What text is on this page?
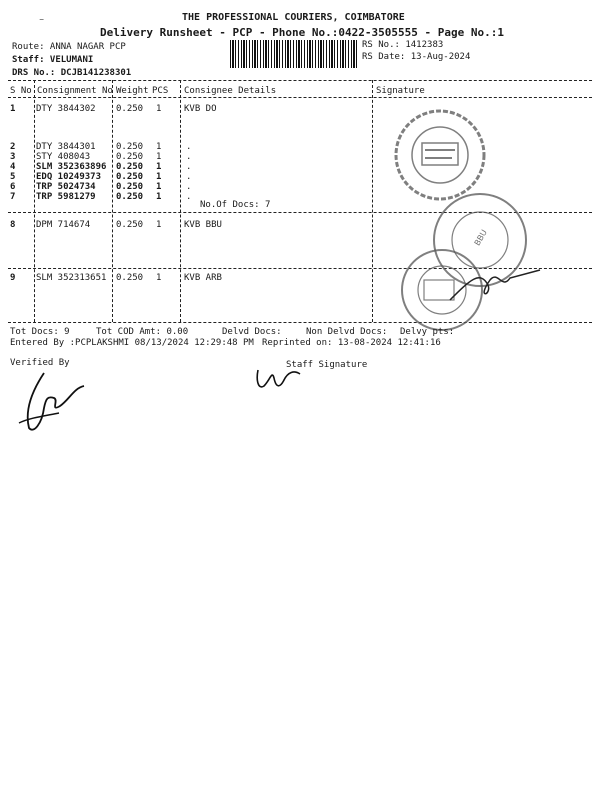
THE PROFESSIONAL COURIERS, COIMBATORE
Delivery Runsheet - PCP - Phone No.:0422-3505555 - Page No.:1
⁻
Route: ANNA NAGAR PCP
Staff: VELUMANI
DRS No.: DCJB141238301
RS No.: 1412383
RS Date: 13-Aug-2024
S No Consignment No Weight PCS Consignee Details	Signature
1 DTY 3844302 0.250 1	KVB DO
2 DTY 3844301 0.250 1	.
3 STY 408043	0.250 1	.
4 SLM 352363896 0.250 1	.
5 EDQ 10249373 0.250 1	.
6 TRP 5024734 0.250 1	.
7 TRP 5981279 0.250 1	.
No.Of Docs: 7
8 DPM 714674	0.250 1	KVB BBU
9 SLM 352313651 0.250 1	KVB ARB
BBU
Tot Docs: 9	Tot COD Amt: 0.00	Delvd Docs:	Non Delvd Docs: Delvy pts:
Entered By :PCPLAKSHMI 08/13/2024 12:29:48 PM Reprinted on: 13-08-2024 12:41:16
Verified By	Staff Signature
